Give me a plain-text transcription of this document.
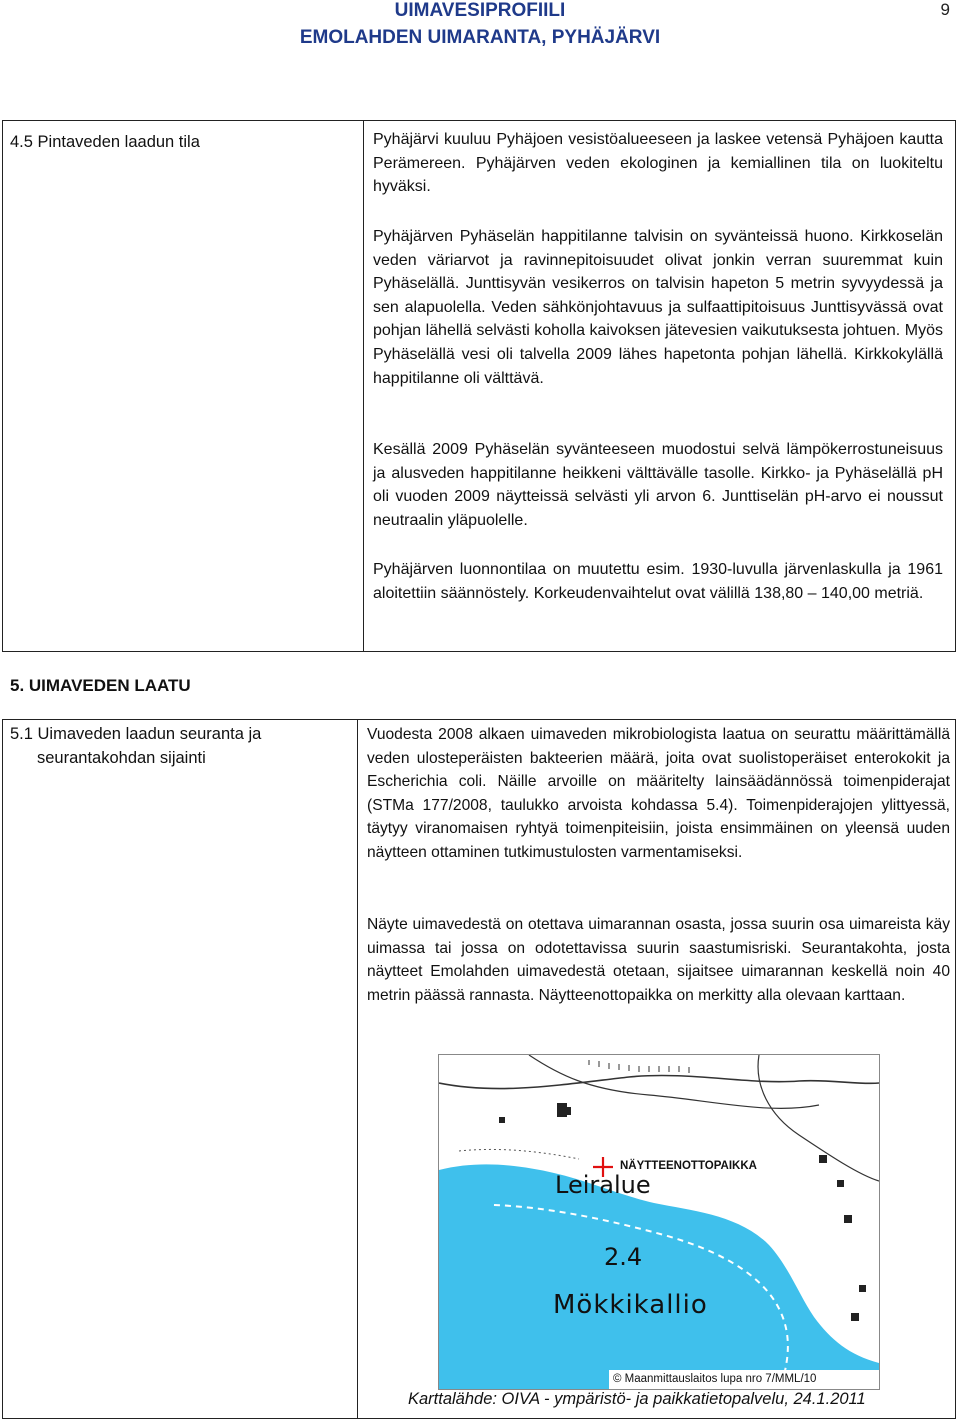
UIMAVESIPROFIILI
EMOLAHDEN UIMARANTA, PYHÄJÄRVI
9
4.5 Pintaveden laadun tila	Pyhäjärvi kuuluu Pyhäjoen vesistöalueeseen ja laskee vetensä Pyhäjoen kautta Perämereen. Pyhäjärven veden ekologinen ja kemiallinen tila on luokiteltu hyväksi.
Pyhäjärven Pyhäselän happitilanne talvisin on syvänteissä huono. Kirkkoselän veden väriarvot ja ravinnepitoisuudet olivat jonkin verran suuremmat kuin Pyhäselällä. Junttisyvän vesikerros on talvisin hapeton 5 metrin syvyydessä ja sen alapuolella. Veden sähkönjohtavuus ja sulfaattipitoisuus Junttisyvässä ovat pohjan lähellä selvästi koholla kaivoksen jätevesien vaikutuksesta johtuen. Myös Pyhäselällä vesi oli talvella 2009 lähes hapetonta pohjan lähellä. Kirkkokylällä happitilanne oli välttävä.
Kesällä 2009 Pyhäselän syvänteeseen muodostui selvä lämpökerrostuneisuus ja alusveden happitilanne heikkeni välttävälle tasolle. Kirkko- ja Pyhäselällä pH oli vuoden 2009 näytteissä selvästi yli arvon 6. Junttiselän pH-arvo ei noussut neutraalin yläpuolelle.
Pyhäjärven luonnontilaa on muutettu esim. 1930-luvulla järvenlaskulla ja 1961 aloitettiin säännöstely. Korkeudenvaihtelut ovat välillä 138,80 – 140,00 metriä.
5. UIMAVEDEN LAATU
5.1 Uimaveden laadun seuranta ja
seurantakohdan sijainti
Vuodesta 2008 alkaen uimaveden mikrobiologista laatua on seurattu määrittämällä veden ulosteperäisten bakteerien määrä, joita ovat suolistoperäiset enterokokit ja Escherichia coli. Näille arvoille on määritelty lainsäädännössä toimenpiderajat (STMa 177/2008, taulukko arvoista kohdassa 5.4). Toimenpiderajojen ylittyessä, täytyy viranomaisen ryhtyä toimenpiteisiin, joista ensimmäinen on yleensä uuden näytteen ottaminen tutkimustulosten varmentamiseksi.
Näyte uimavedestä on otettava uimarannan osasta, jossa suurin osa uimareista käy uimassa tai jossa on odotettavissa suurin saastumisriski. Seurantakohta, josta näytteet Emolahden uimavedestä otetaan, sijaitsee uimarannan keskellä noin 40 metrin päässä rannasta. Näytteenottopaikka on merkitty alla olevaan karttaan.
NÄYTTEENOTTOPAIKKA
Leiralue
2.4
Mökkikallio
© Maanmittauslaitos lupa nro 7/MML/10
Karttalähde: OIVA - ympäristö- ja paikkatietopalvelu, 24.1.2011
